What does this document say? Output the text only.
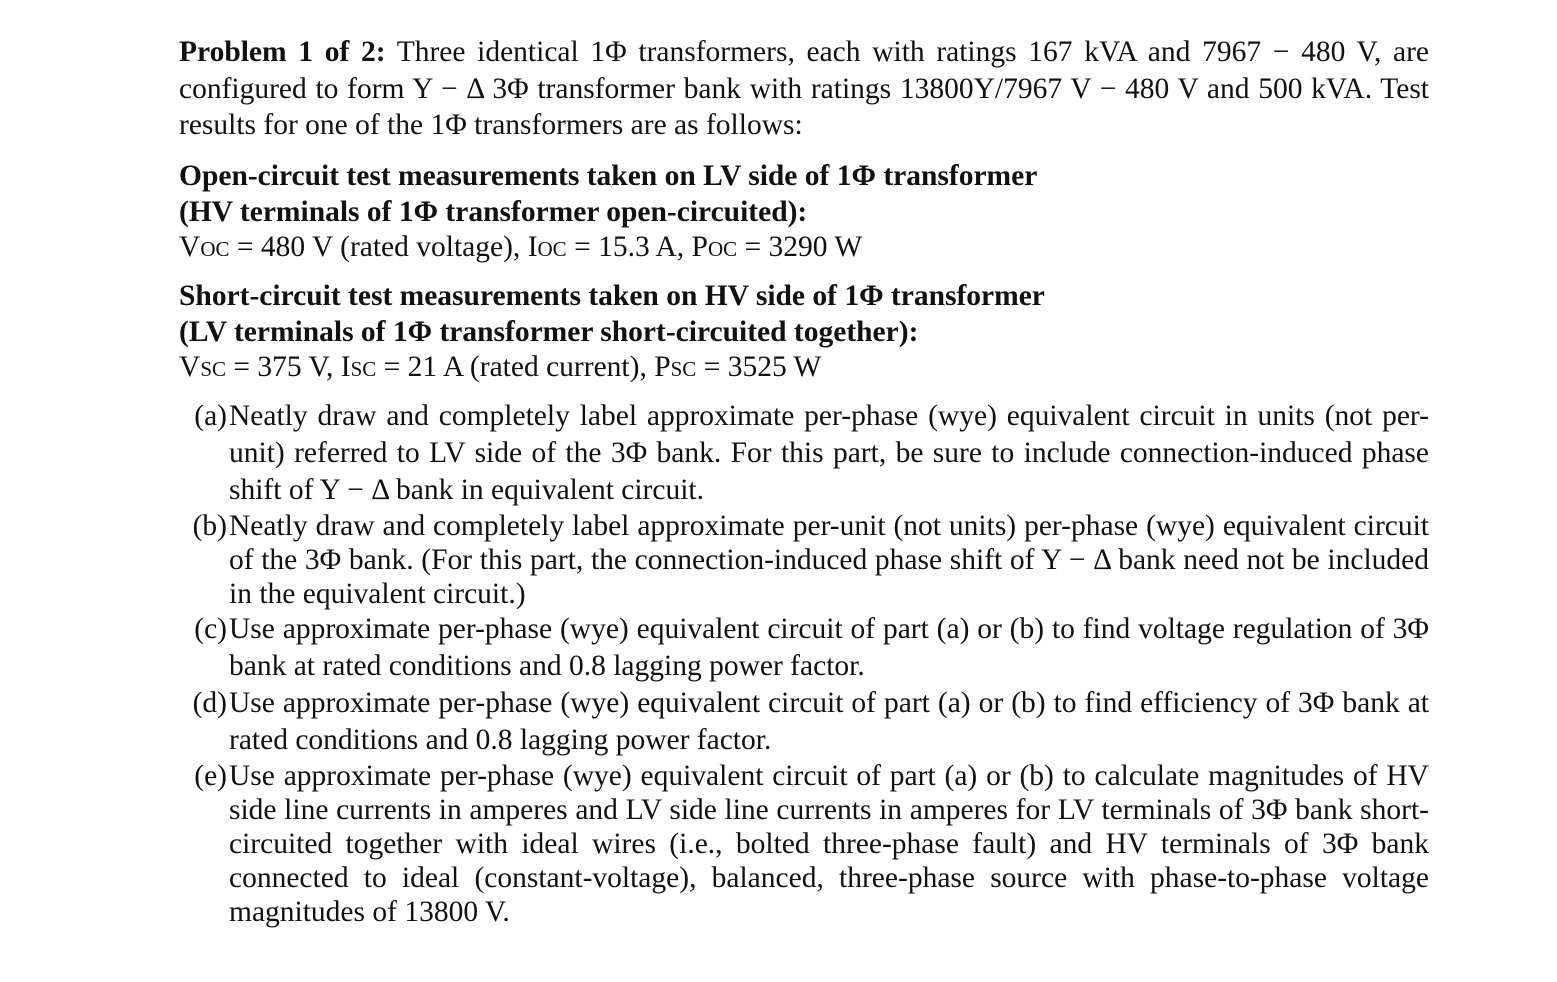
Problem 1 of 2: Three identical 1Φ transformers, each with ratings 167 kVA and 7967 − 480 V, are configured to form Y − Δ 3Φ transformer bank with ratings 13800Y/7967 V − 480 V and 500 kVA. Test results for one of the 1Φ transformers are as follows:

Open-circuit test measurements taken on LV side of 1Φ transformer

(HV terminals of 1Φ transformer open-circuited):

VOC = 480 V (rated voltage), IOC = 15.3 A, POC = 3290 W

Short-circuit test measurements taken on HV side of 1Φ transformer

(LV terminals of 1Φ transformer short-circuited together):

VSC = 375 V, ISC = 21 A (rated current), PSC = 3525 W

(a) Neatly draw and completely label approximate per-phase (wye) equivalent circuit in units (not per-unit) referred to LV side of the 3Φ bank. For this part, be sure to include connection-induced phase shift of Y − Δ bank in equivalent circuit.
(b) Neatly draw and completely label approximate per-unit (not units) per-phase (wye) equivalent circuit of the 3Φ bank. (For this part, the connection-induced phase shift of Y − Δ bank need not be included in the equivalent circuit.)
(c) Use approximate per-phase (wye) equivalent circuit of part (a) or (b) to find voltage regulation of 3Φ bank at rated conditions and 0.8 lagging power factor.
(d) Use approximate per-phase (wye) equivalent circuit of part (a) or (b) to find efficiency of 3Φ bank at rated conditions and 0.8 lagging power factor.
(e) Use approximate per-phase (wye) equivalent circuit of part (a) or (b) to calculate magnitudes of HV side line currents in amperes and LV side line currents in amperes for LV terminals of 3Φ bank short-circuited together with ideal wires (i.e., bolted three-phase fault) and HV terminals of 3Φ bank connected to ideal (constant-voltage), balanced, three-phase source with phase-to-phase voltage magnitudes of 13800 V.
